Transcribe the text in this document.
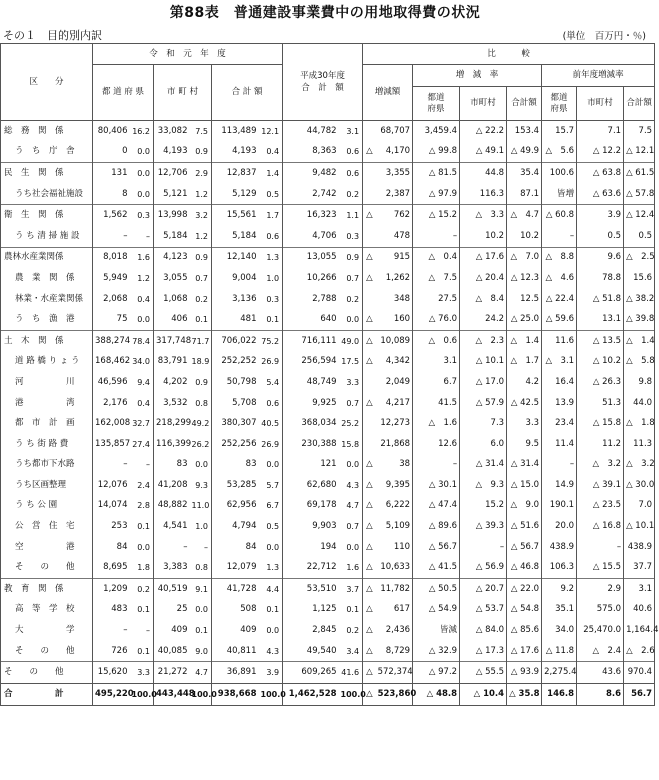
第88表　普通建設事業費中の用地取得費の状況
その１　目的別内訳	(単位　百万円・％)
区　　分	令　和　元　年　度						平成30年度
合　計　額		比　　　較							
	都 道 府 県		市 町 村		合 計 額				増減額		増　減　率			前年度増減率		
											都道
府県	市町村	合計額	都道
府県	市町村	合計額
総　務　関　係	80,406	16.2	33,082	7.5	113,489	12.1	44,782	3.1		68,707	3,459.4	△ 22.2	153.4	15.7	7.1	7.5
う　ち　庁　舎	0	0.0	4,193	0.9	4,193	0.4	8,363	0.6	△	4,170	△ 99.8	△ 49.1	△ 49.9	△　5.6	△ 12.2	△ 12.1
民　生　関　係	131	0.0	12,706	2.9	12,837	1.4	9,482	0.6		3,355	△ 81.5	44.8	35.4	100.6	△ 63.8	△ 61.5
うち社会福祉施設	8	0.0	5,121	1.2	5,129	0.5	2,742	0.2		2,387	△ 97.9	116.3	87.1	皆増	△ 63.6	△ 57.8
衛　生　関　係	1,562	0.3	13,998	3.2	15,561	1.7	16,323	1.1	△	762	△ 15.2	△　3.3	△　4.7	△ 60.8	3.9	△ 12.4
う ち 清 掃 施 設	–	–	5,184	1.2	5,184	0.6	4,706	0.3		478	–	10.2	10.2	–	0.5	0.5
農林水産業関係	8,018	1.6	4,123	0.9	12,140	1.3	13,055	0.9	△	915	△　0.4	△ 17.6	△　7.0	△　8.8	9.6	△　2.5
農　業　関　係	5,949	1.2	3,055	0.7	9,004	1.0	10,266	0.7	△	1,262	△　7.5	△ 20.4	△ 12.3	△　4.6	78.8	15.6
林業・水産業関係	2,068	0.4	1,068	0.2	3,136	0.3	2,788	0.2		348	27.5	△　8.4	12.5	△ 22.4	△ 51.8	△ 38.2
う　ち　漁　港	75	0.0	406	0.1	481	0.1	640	0.0	△	160	△ 76.0	24.2	△ 25.0	△ 59.6	13.1	△ 39.8
土　木　関　係	388,274	78.4	317,748	71.7	706,022	75.2	716,111	49.0	△	10,089	△　0.6	△　2.3	△　1.4	11.6	△ 13.5	△　1.4
道 路 橋 り ょ う	168,462	34.0	83,791	18.9	252,252	26.9	256,594	17.5	△	4,342	3.1	△ 10.1	△　1.7	△　3.1	△ 10.2	△　5.8
河　　　　　川	46,596	9.4	4,202	0.9	50,798	5.4	48,749	3.3		2,049	6.7	△ 17.0	4.2	16.4	△ 26.3	9.8
港　　　　　湾	2,176	0.4	3,532	0.8	5,708	0.6	9,925	0.7	△	4,217	41.5	△ 57.9	△ 42.5	13.9	51.3	44.0
都　市　計　画	162,008	32.7	218,299	49.2	380,307	40.5	368,034	25.2		12,273	△　1.6	7.3	3.3	23.4	△ 15.8	△　1.8
う ち 街 路 費	135,857	27.4	116,399	26.2	252,256	26.9	230,388	15.8		21,868	12.6	6.0	9.5	11.4	11.2	11.3
うち都市下水路	–	–	83	0.0	83	0.0	121	0.0	△	38	–	△ 31.4	△ 31.4	–	△　3.2	△　3.2
うち区画整理	12,076	2.4	41,208	9.3	53,285	5.7	62,680	4.3	△	9,395	△ 30.1	△　9.3	△ 15.0	14.9	△ 39.1	△ 30.0
う ち 公 園	14,074	2.8	48,882	11.0	62,956	6.7	69,178	4.7	△	6,222	△ 47.4	15.2	△　9.0	190.1	△ 23.5	7.0
公　営　住　宅	253	0.1	4,541	1.0	4,794	0.5	9,903	0.7	△	5,109	△ 89.6	△ 39.3	△ 51.6	20.0	△ 16.8	△ 10.1
空　　　　　港	84	0.0	–	–	84	0.0	194	0.0	△	110	△ 56.7	–	△ 56.7	438.9	–	438.9
そ　　の　　他	8,695	1.8	3,383	0.8	12,079	1.3	22,712	1.6	△	10,633	△ 41.5	△ 56.9	△ 46.8	106.3	△ 15.5	37.7
教　育　関　係	1,209	0.2	40,519	9.1	41,728	4.4	53,510	3.7	△	11,782	△ 50.5	△ 20.7	△ 22.0	9.2	2.9	3.1
高　等　学　校	483	0.1	25	0.0	508	0.1	1,125	0.1	△	617	△ 54.9	△ 53.7	△ 54.8	35.1	575.0	40.6
大　　　　　学	–	–	409	0.1	409	0.0	2,845	0.2	△	2,436	皆減	△ 84.0	△ 85.6	34.0	25,470.0	1,164.4
そ　　の　　他	726	0.1	40,085	9.0	40,811	4.3	49,540	3.4	△	8,729	△ 32.9	△ 17.3	△ 17.6	△ 11.8	△　2.4	△　2.6
そ　　の　　他	15,620	3.3	21,272	4.7	36,891	3.9	609,265	41.6	△	572,374	△ 97.2	△ 55.5	△ 93.9	2,275.4	43.6	970.4
合　　　　　計	495,220	100.0	443,448	100.0	938,668	100.0	1,462,528	100.0	△	523,860	△ 48.8	△ 10.4	△ 35.8	146.8	8.6	56.7
